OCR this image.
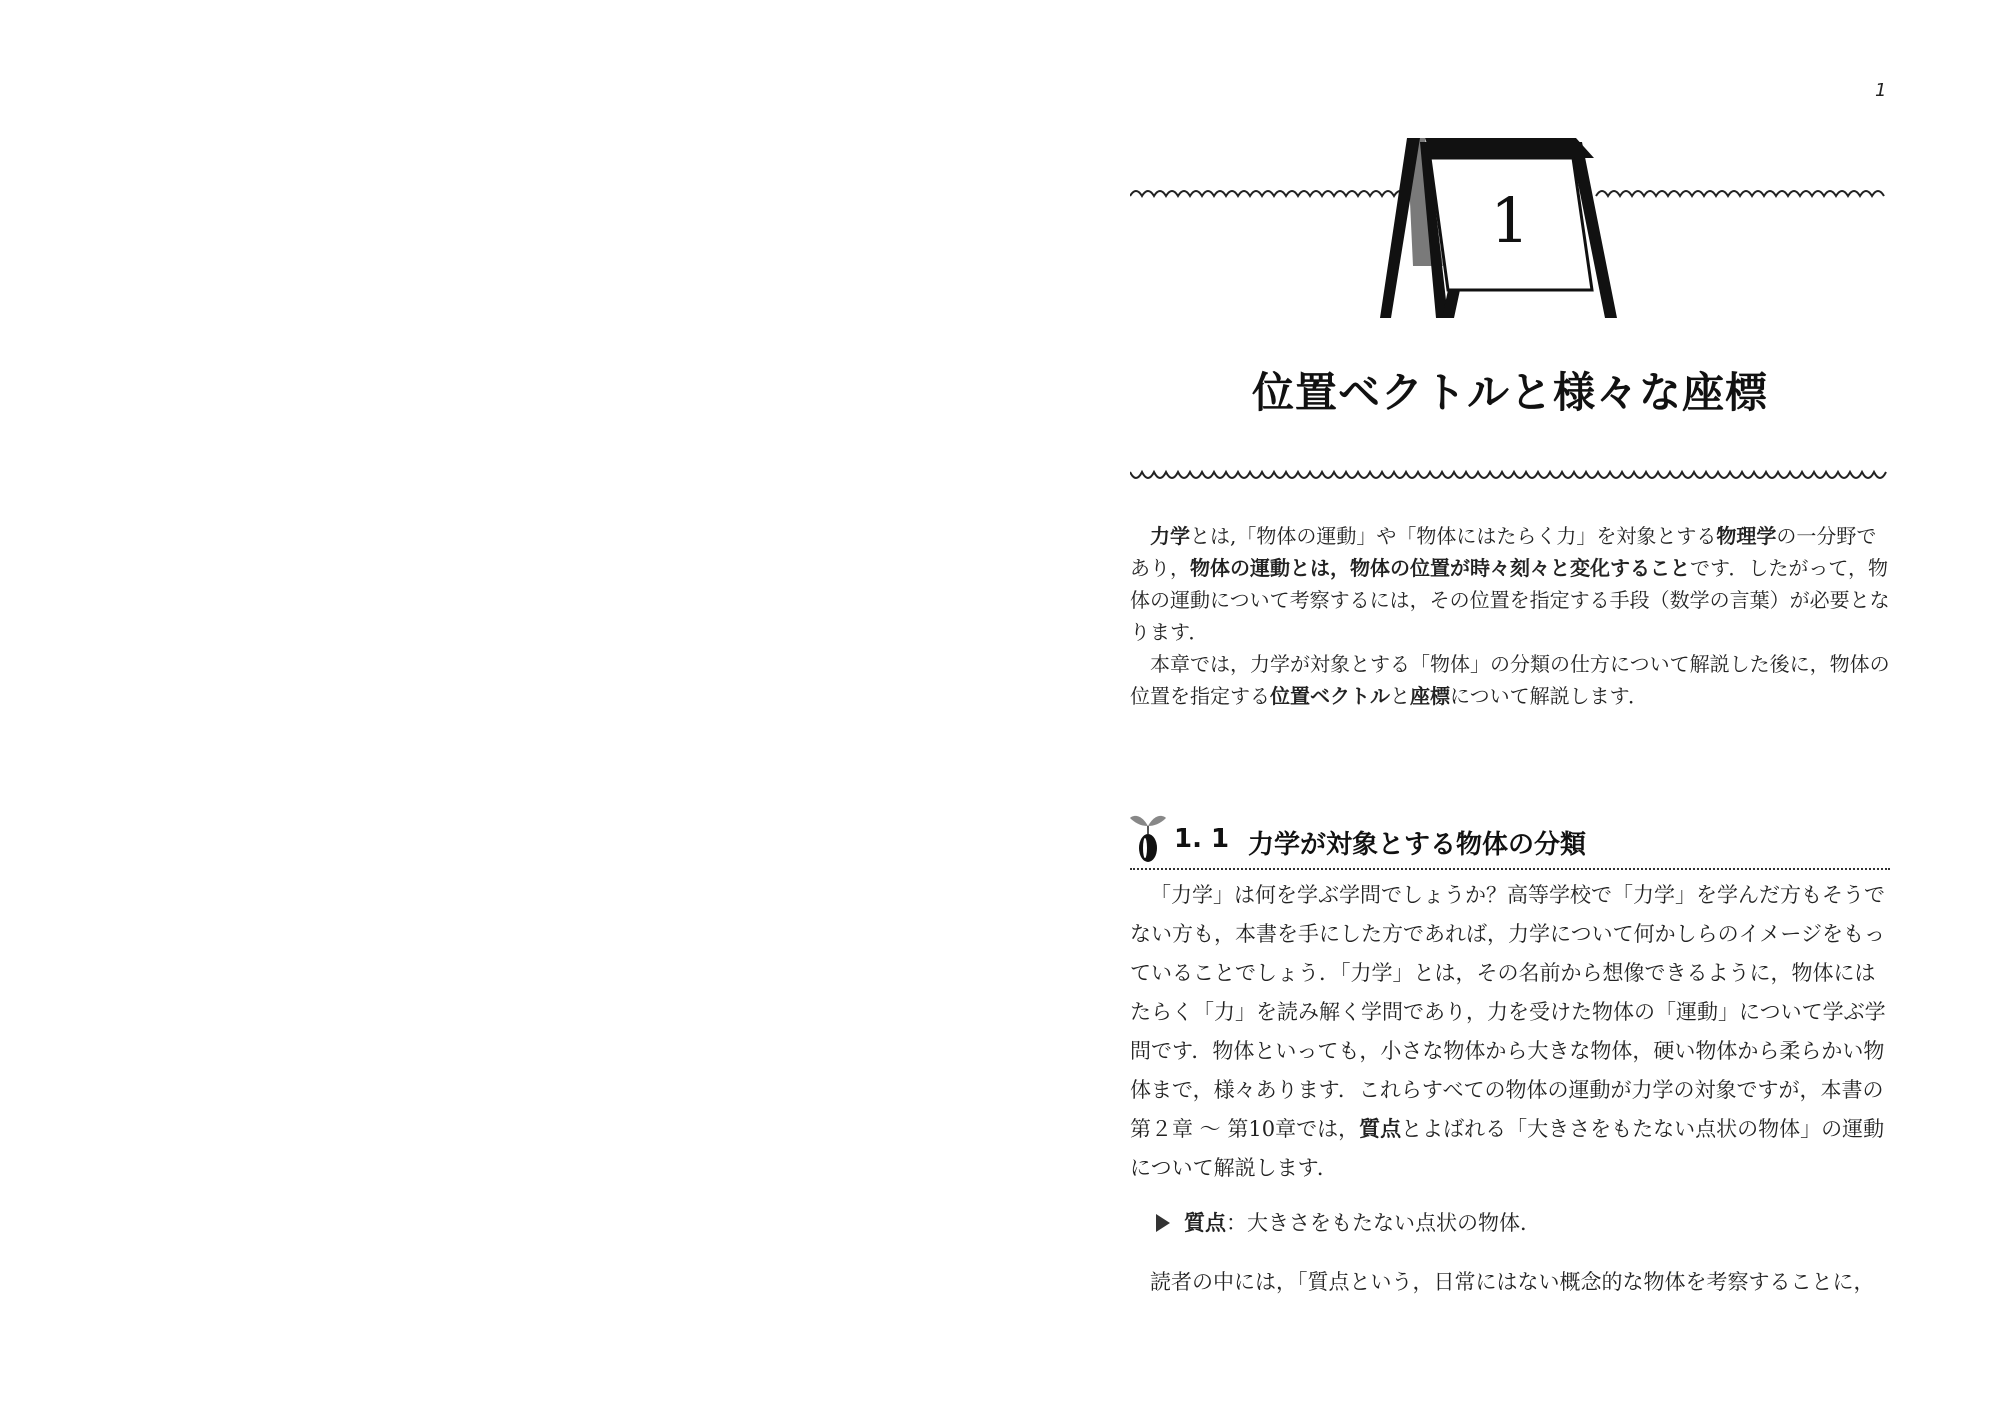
1
1
位置ベクトルと様々な座標

力学とは,「物体の運動」や「物体にはたらく力」を対象とする物理学の一分野であり，物体の運動とは，物体の位置が時々刻々と変化することです．したがって，物体の運動について考察するには，その位置を指定する手段（数学の言葉）が必要となります．

本章では，力学が対象とする「物体」の分類の仕方について解説した後に，物体の位置を指定する位置ベクトルと座標について解説します．

1. 1 力学が対象とする物体の分類

「力学」は何を学ぶ学問でしょうか？高等学校で「力学」を学んだ方もそうでない方も，本書を手にした方であれば，力学について何かしらのイメージをもっていることでしょう．「力学」とは，その名前から想像できるように，物体にはたらく「力」を読み解く学問であり，力を受けた物体の「運動」について学ぶ学問です．物体といっても，小さな物体から大きな物体，硬い物体から柔らかい物体まで，様々あります．これらすべての物体の運動が力学の対象ですが，本書の第２章 〜 第10章では，質点とよばれる「大きさをもたない点状の物体」の運動について解説します．

質点：大きさをもたない点状の物体．
読者の中には，「質点という，日常にはない概念的な物体を考察することに，
